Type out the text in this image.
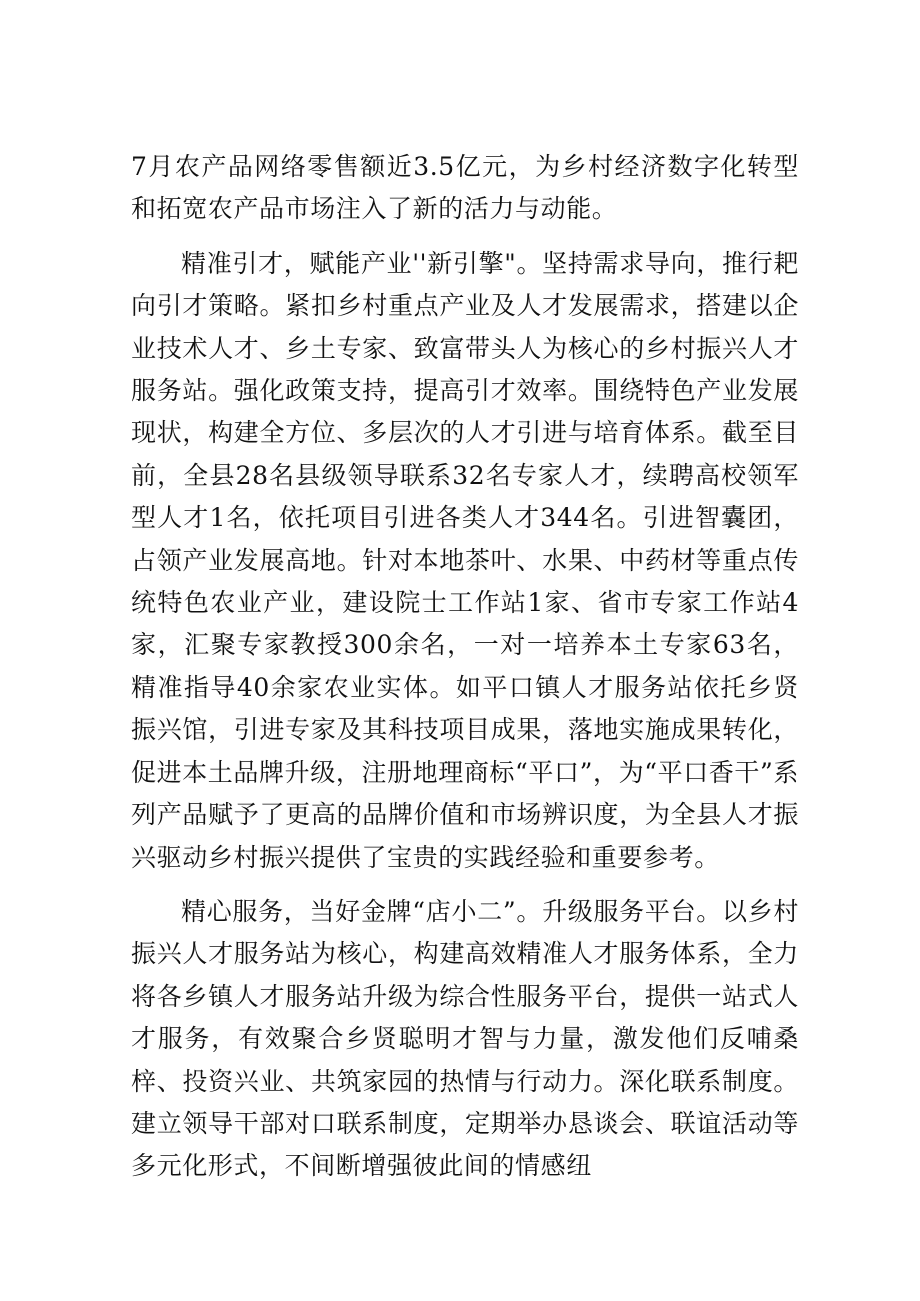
7月农产品网络零售额近3.5亿元，为乡村经济数字化转型和拓宽农产品市场注入了新的活力与动能。

精准引才，赋能产业''新引擎"。坚持需求导向，推行耙向引才策略。紧扣乡村重点产业及人才发展需求，搭建以企业技术人才、乡土专家、致富带头人为核心的乡村振兴人才服务站。强化政策支持，提高引才效率。围绕特色产业发展现状，构建全方位、多层次的人才引进与培育体系。截至目前，全县28名县级领导联系32名专家人才，续聘高校领军型人才1名，依托项目引进各类人才344名。引进智囊团，占领产业发展高地。针对本地茶叶、水果、中药材等重点传统特色农业产业，建设院士工作站1家、省市专家工作站4家，汇聚专家教授300余名，一对一培养本土专家63名，精准指导40余家农业实体。如平口镇人才服务站依托乡贤振兴馆，引进专家及其科技项目成果，落地实施成果转化，促进本土品牌升级，注册地理商标“平口”，为“平口香干”系列产品赋予了更高的品牌价值和市场辨识度，为全县人才振兴驱动乡村振兴提供了宝贵的实践经验和重要参考。

精心服务，当好金牌“店小二”。升级服务平台。以乡村振兴人才服务站为核心，构建高效精准人才服务体系，全力将各乡镇人才服务站升级为综合性服务平台，提供一站式人才服务，有效聚合乡贤聪明才智与力量，激发他们反哺桑梓、投资兴业、共筑家园的热情与行动力。深化联系制度。建立领导干部对口联系制度，定期举办恳谈会、联谊活动等多元化形式，不间断增强彼此间的情感纽
